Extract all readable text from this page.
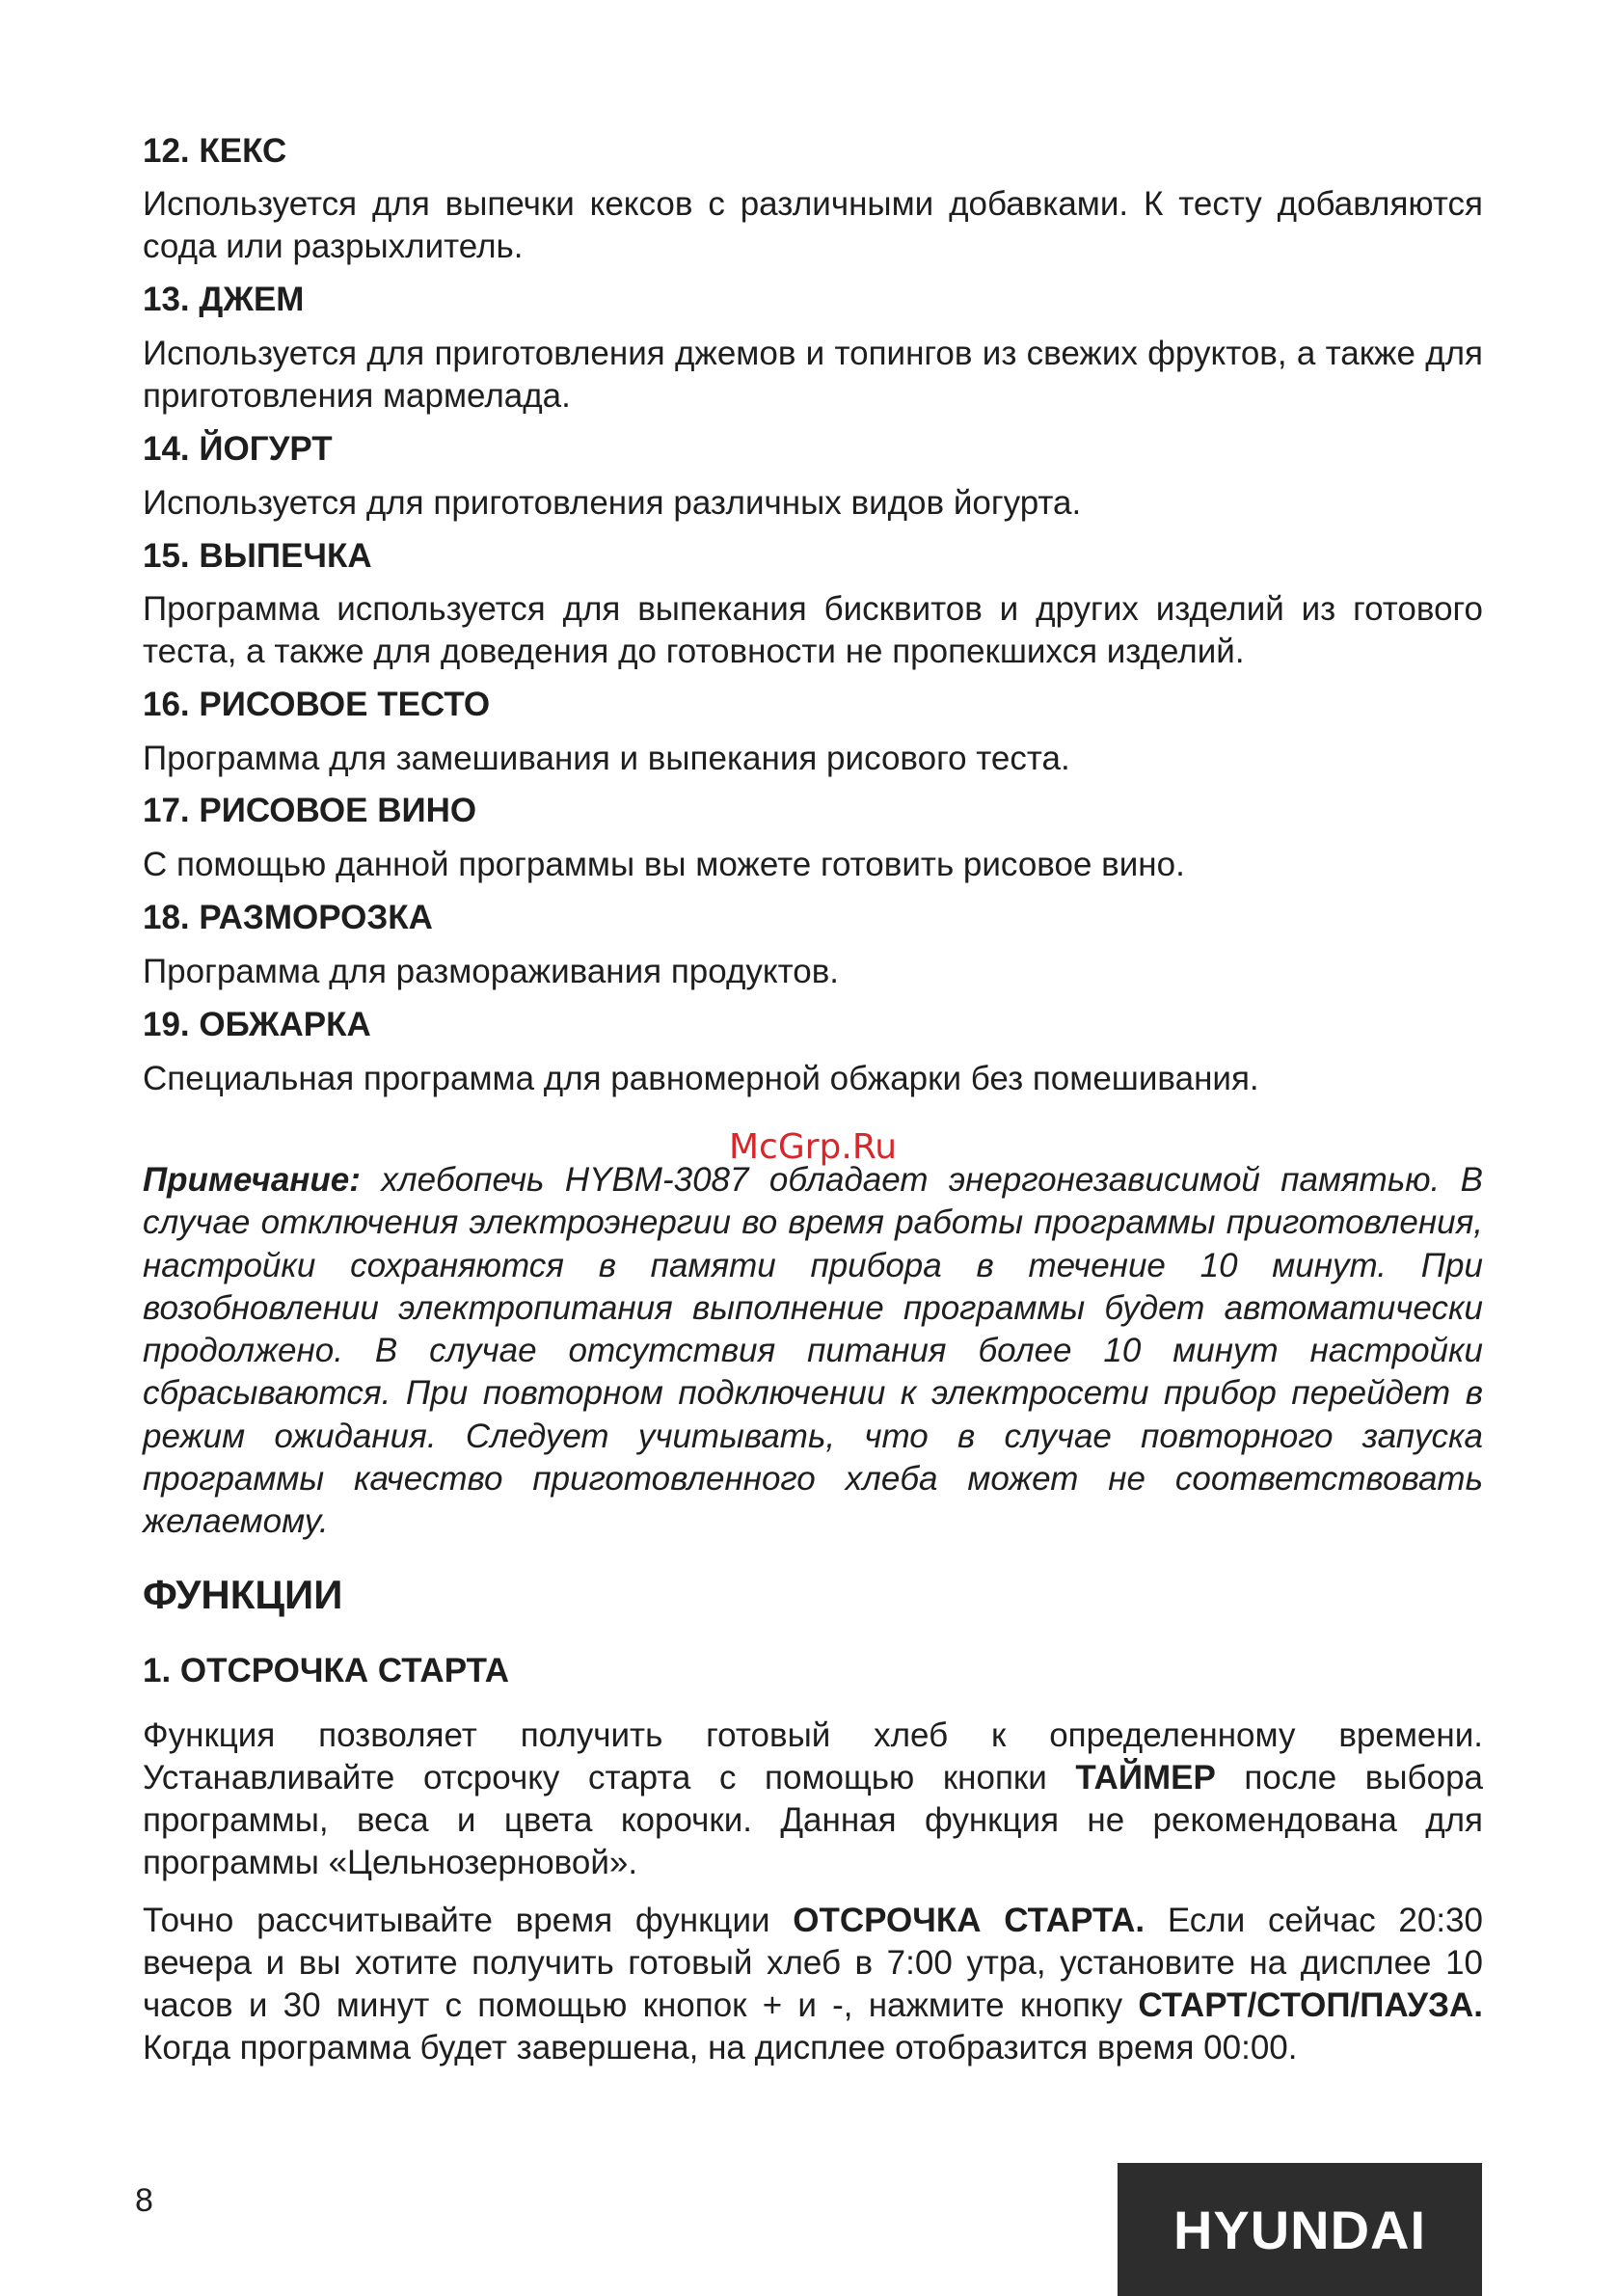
12. КЕКС

Используется для выпечки кексов с различными добавками. К тесту добавляются сода или разрыхлитель.

13. ДЖЕМ

Используется для приготовления джемов и топингов из свежих фруктов, а также для приготовления мармелада.

14. ЙОГУРТ

Используется для приготовления различных видов йогурта.

15. ВЫПЕЧКА

Программа используется для выпекания бисквитов и других изделий из готового теста, а также для доведения до готовности не пропекшихся изделий.

16. РИСОВОЕ ТЕСТО

Программа для замешивания и выпекания рисового теста.

17. РИСОВОЕ ВИНО

С помощью данной программы вы можете готовить рисовое вино.

18. РАЗМОРОЗКА

Программа для размораживания продуктов.

19. ОБЖАРКА

Специальная программа для равномерной обжарки без помешивания.

McGrp.Ru

Примечание: хлебопечь HYBM-3087 обладает энергонезависимой памятью. В случае отключения электроэнергии во время работы программы приготовления, настройки сохраняются в памяти прибора в течение 10 минут. При возобновлении электропитания выполнение программы будет автоматически продолжено. В случае отсутствия питания более 10 минут настройки сбрасываются. При повторном подключении к электросети прибор перейдет в режим ожидания. Следует учитывать, что в случае повторного запуска программы качество приготовленного хлеба может не соответствовать желаемому.

ФУНКЦИИ
1. ОТСРОЧКА СТАРТА

Функция позволяет получить готовый хлеб к определенному времени. Устанавливайте отсрочку старта с помощью кнопки ТАЙМЕР после выбора программы, веса и цвета корочки. Данная функция не рекомендована для программы «Цельнозерновой».

Точно рассчитывайте время функции ОТСРОЧКА СТАРТА. Если сейчас 20:30 вечера и вы хотите получить готовый хлеб в 7:00 утра, установите на дисплее 10 часов и 30 минут с помощью кнопок + и -, нажмите кнопку СТАРТ/СТОП/ПАУЗА. Когда программа будет завершена, на дисплее отобразится время 00:00.

8	HYUNDAI
